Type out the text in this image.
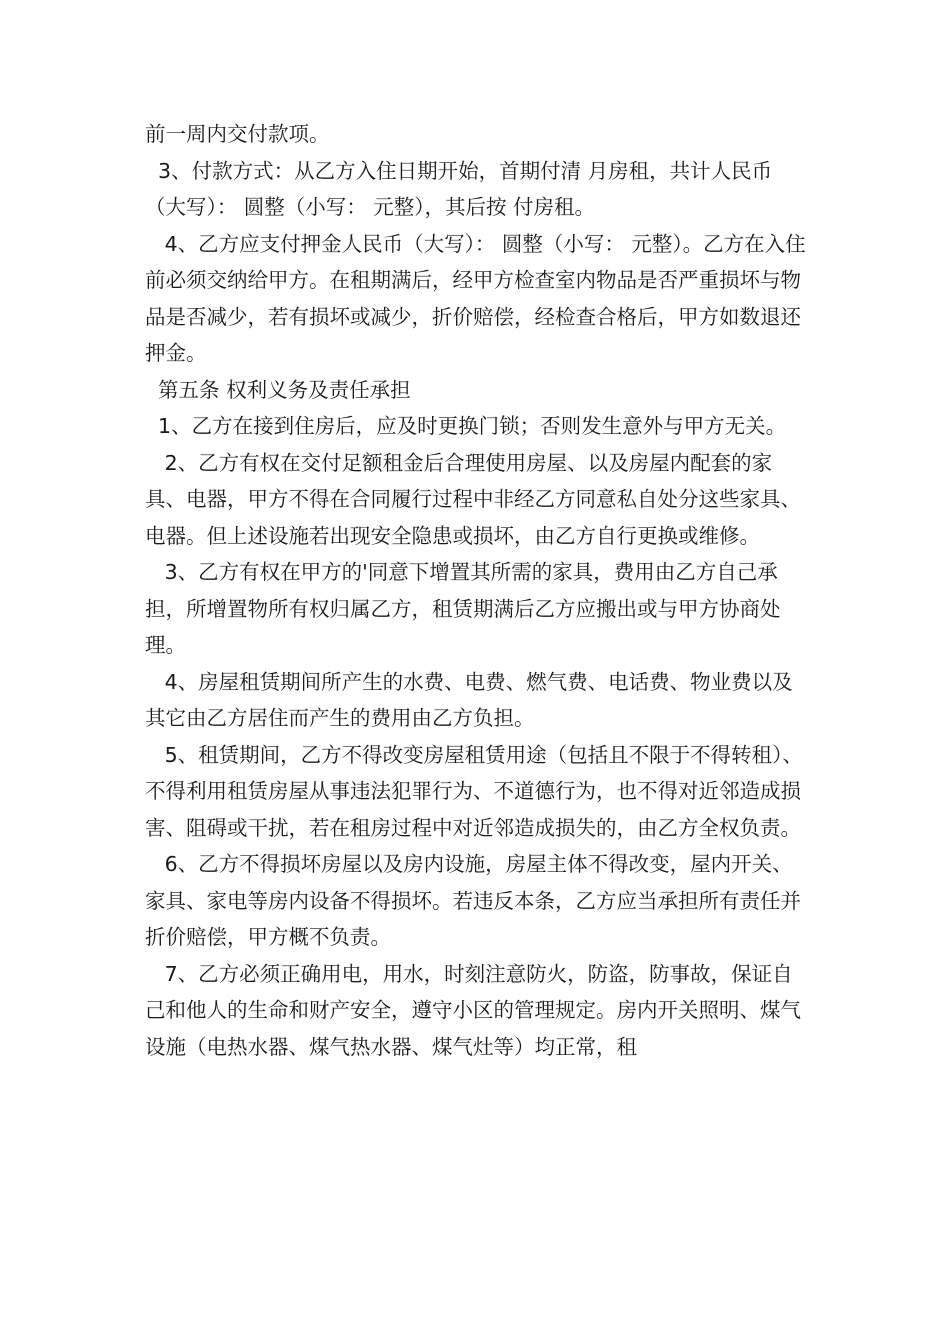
前一周内交付款项。

3、付款方式：从乙方入住日期开始，首期付清 月房租，共计人民币（大写）： 圆整（小写： 元整），其后按 付房租。

4、乙方应支付押金人民币（大写）： 圆整（小写： 元整）。乙方在入住前必须交纳给甲方。在租期满后，经甲方检查室内物品是否严重损坏与物品是否减少，若有损坏或减少，折价赔偿，经检查合格后，甲方如数退还押金。

第五条 权利义务及责任承担

1、乙方在接到住房后，应及时更换门锁；否则发生意外与甲方无关。

2、乙方有权在交付足额租金后合理使用房屋、以及房屋内配套的家具、电器，甲方不得在合同履行过程中非经乙方同意私自处分这些家具、电器。但上述设施若出现安全隐患或损坏，由乙方自行更换或维修。

3、乙方有权在甲方的'同意下增置其所需的家具，费用由乙方自己承担，所增置物所有权归属乙方，租赁期满后乙方应搬出或与甲方协商处理。

4、房屋租赁期间所产生的水费、电费、燃气费、电话费、物业费以及其它由乙方居住而产生的费用由乙方负担。

5、租赁期间，乙方不得改变房屋租赁用途（包括且不限于不得转租）、不得利用租赁房屋从事违法犯罪行为、不道德行为，也不得对近邻造成损害、阻碍或干扰，若在租房过程中对近邻造成损失的，由乙方全权负责。

6、乙方不得损坏房屋以及房内设施，房屋主体不得改变，屋内开关、家具、家电等房内设备不得损坏。若违反本条，乙方应当承担所有责任并折价赔偿，甲方概不负责。

7、乙方必须正确用电，用水，时刻注意防火，防盗，防事故，保证自己和他人的生命和财产安全，遵守小区的管理规定。房内开关照明、煤气设施（电热水器、煤气热水器、煤气灶等）均正常，租
